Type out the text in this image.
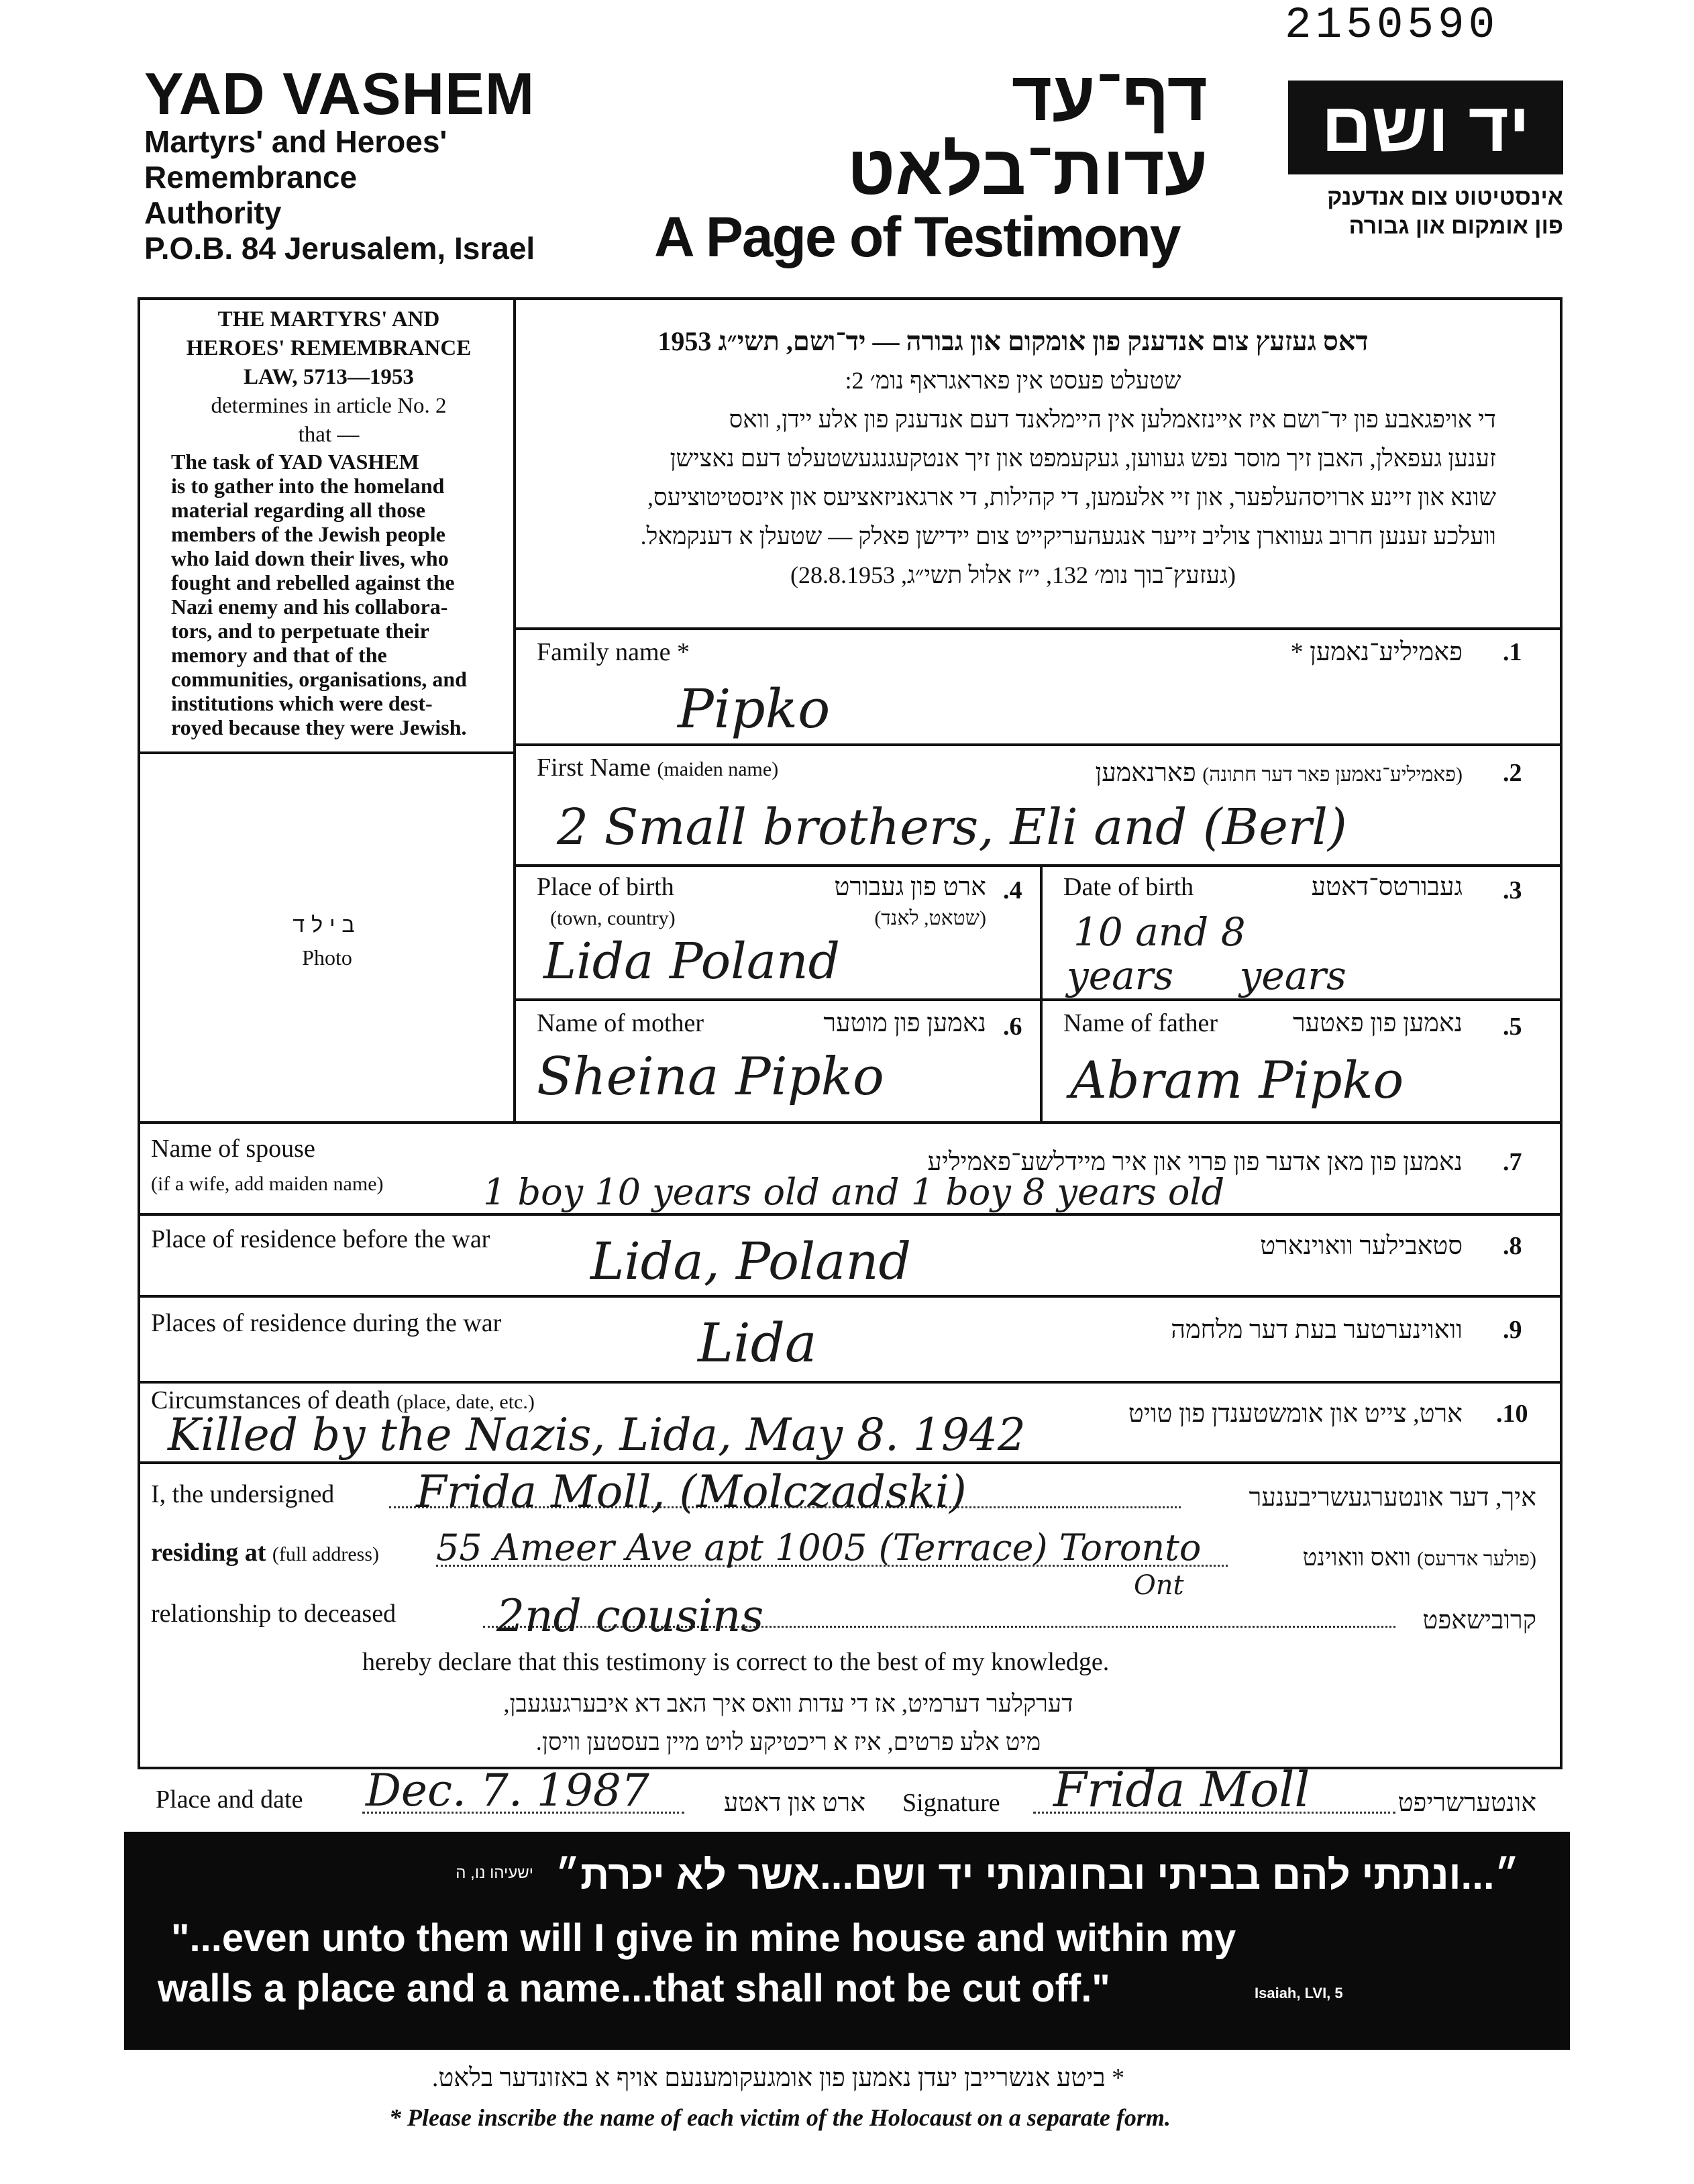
2150590
YAD VASHEM
Martyrs' and Heroes'
Remembrance
Authority
P.O.B. 84 Jerusalem, Israel
דף־עד
עדות־בלאט
A Page of Testimony
יד ושם
אינסטיטוט צום אנדענק
פון אומקום און גבורה
THE MARTYRS' AND
HEROES' REMEMBRANCE
LAW, 5713—1953
determines in article No. 2
that —
The task of YAD VASHEM
is to gather into the homeland
material regarding all those
members of the Jewish people
who laid down their lives, who
fought and rebelled against the
Nazi enemy and his collabora-
tors, and to perpetuate their
memory and that of the
communities, organisations, and
institutions which were dest-
royed because they were Jewish.
בילד
Photo
דאס געזעץ צום אנדענק פון אומקום און גבורה — יד־ושם, תשי״ג 1953
שטעלט פעסט אין פאראגראף נומ׳ 2:
די אויפגאבע פון יד־ושם איז איינזאמלען אין היימלאנד דעם אנדענק פון אלע יידן, וואס
זענען געפאלן, האבן זיך מוסר נפש געווען, געקעמפט און זיך אנטקעגנגעשטעלט דעם נאצישן
שונא און זיינע ארויסהעלפער, און זיי אלעמען, די קהילות, די ארגאניזאציעס און אינסטיטוציעס,
וועלכע זענען חרוב געווארן צוליב זייער אנגעהעריקייט צום יידישן פאלק — שטעלן א דענקמאל.
(געזעץ־בוך נומ׳ 132, י״ז אלול תשי״ג, 28.8.1953)
Family name *	פאמיליע־נאמען * .1
Pipko
First Name (maiden name)	(פאמיליע־נאמען פאר דער חתונה) פארנאמען	.2
2 Small brothers, Eli and (Berl)
Place of birth
(town, country)
ארט פון געבורט
(שטאט, לאנד)
.4
Lida Poland
Date of birth	געבורטס־דאטע .3
10 and 8
years years
Name of mother	נאמען פון מוטער .6
Sheina Pipko
Name of father	נאמען פון פאטער .5
Abram Pipko
Name of spouse
(if a wife, add maiden name)
נאמען פון מאן אדער פון פרוי און איר מיידלשע־פאמיליע .7
1 boy 10 years old and 1 boy 8 years old
Place of residence before the war	סטאבילער וואוינארט .8
Lida, Poland
Places of residence during the war	וואוינערטער בעת דער מלחמה .9
Lida
Circumstances of death (place, date, etc.)	ארט, צייט און אומשטענדן פון טויט .10
Killed by the Nazis, Lida, May 8. 1942
I, the undersigned Frida Moll, (Molczadski)	איך, דער אונטערגעשריבענער
residing at (full address) 55 Ameer Ave apt 1005 (Terrace) Toronto
Ont
(פולער אדרעס) וואס וואוינט
relationship to deceased 2nd cousins	קרובישאפט
hereby declare that this testimony is correct to the best of my knowledge.
דערקלער דערמיט, אז די עדות וואס איך האב דא איבערגעגעבן,
מיט אלע פרטים, איז א ריכטיקע לויט מיין בעסטען וויסן.
Place and date Dec. 7. 1987	ארט און דאטע Signature Frida Moll	אונטערשריפט
״...ונתתי להם בביתי ובחומותי יד ושם...אשר לא יכרת״
ישעיהו נו, ה
"...even unto them will I give in mine house and within my
walls a place and a name...that shall not be cut off."	Isaiah, LVI, 5
* ביטע אנשרייבן יעדן נאמען פון אומגעקומענעם אויף א באזונדער בלאט.
* Please inscribe the name of each victim of the Holocaust on a separate form.
